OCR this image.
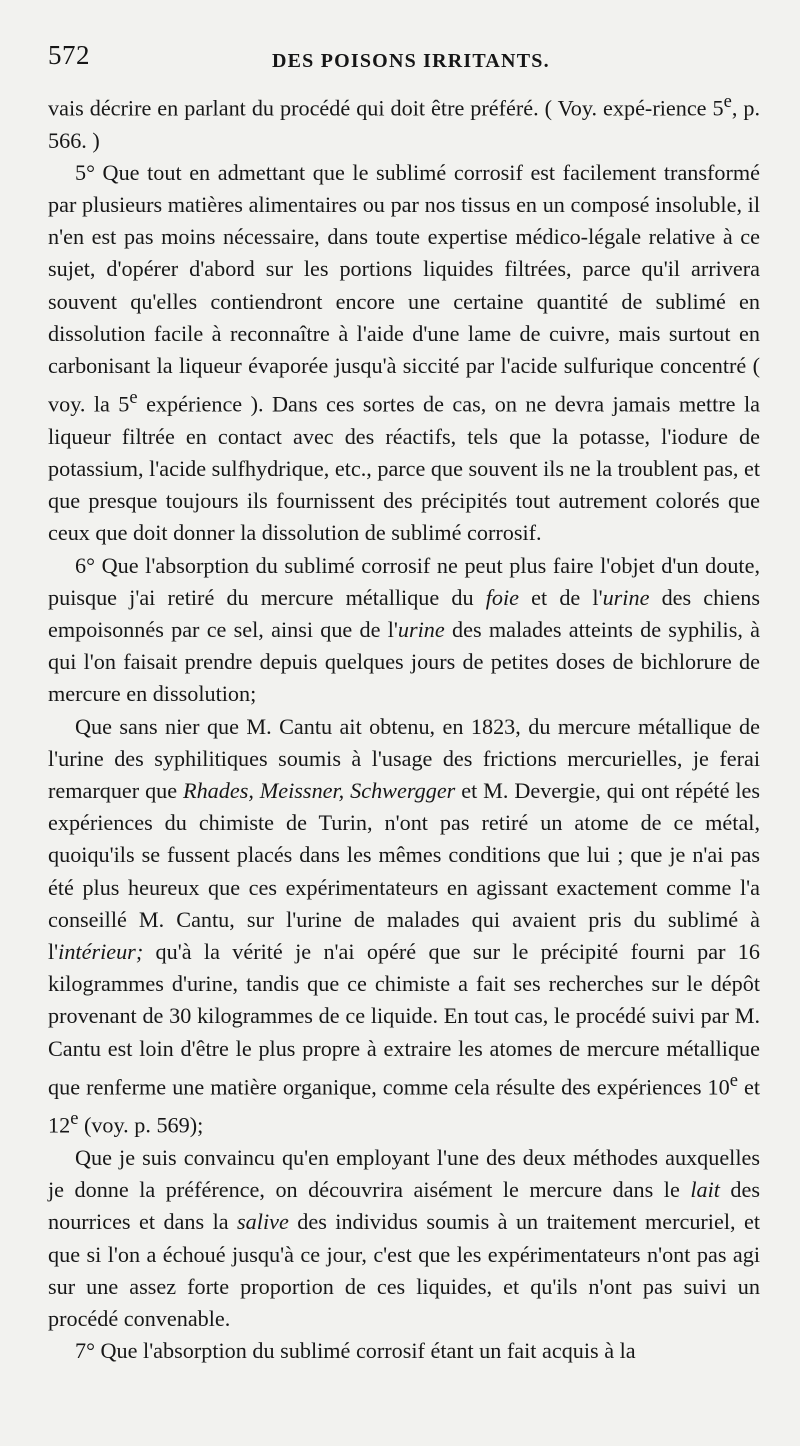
572	DES POISONS IRRITANTS.

vais décrire en parlant du procédé qui doit être préféré. ( Voy. expé-rience 5e, p. 566. )

5° Que tout en admettant que le sublimé corrosif est facilement transformé par plusieurs matières alimentaires ou par nos tissus en un composé insoluble, il n'en est pas moins nécessaire, dans toute expertise médico-légale relative à ce sujet, d'opérer d'abord sur les portions liquides filtrées, parce qu'il arrivera souvent qu'elles contiendront encore une certaine quantité de sublimé en dissolution facile à reconnaître à l'aide d'une lame de cuivre, mais surtout en carbonisant la liqueur évaporée jusqu'à siccité par l'acide sulfurique concentré ( voy. la 5e expérience ). Dans ces sortes de cas, on ne devra jamais mettre la liqueur filtrée en contact avec des réactifs, tels que la potasse, l'iodure de potassium, l'acide sulfhydrique, etc., parce que souvent ils ne la troublent pas, et que presque toujours ils fournissent des précipités tout autrement colorés que ceux que doit donner la dissolution de sublimé corrosif.

6° Que l'absorption du sublimé corrosif ne peut plus faire l'objet d'un doute, puisque j'ai retiré du mercure métallique du foie et de l'urine des chiens empoisonnés par ce sel, ainsi que de l'urine des malades atteints de syphilis, à qui l'on faisait prendre depuis quelques jours de petites doses de bichlorure de mercure en dissolution;

Que sans nier que M. Cantu ait obtenu, en 1823, du mercure métallique de l'urine des syphilitiques soumis à l'usage des frictions mercurielles, je ferai remarquer que Rhades, Meissner, Schwergger et M. Devergie, qui ont répété les expériences du chimiste de Turin, n'ont pas retiré un atome de ce métal, quoiqu'ils se fussent placés dans les mêmes conditions que lui ; que je n'ai pas été plus heureux que ces expérimentateurs en agissant exactement comme l'a conseillé M. Cantu, sur l'urine de malades qui avaient pris du sublimé à l'intérieur; qu'à la vérité je n'ai opéré que sur le précipité fourni par 16 kilogrammes d'urine, tandis que ce chimiste a fait ses recherches sur le dépôt provenant de 30 kilogrammes de ce liquide. En tout cas, le procédé suivi par M. Cantu est loin d'être le plus propre à extraire les atomes de mercure métallique que renferme une matière organique, comme cela résulte des expériences 10e et 12e (voy. p. 569);

Que je suis convaincu qu'en employant l'une des deux méthodes auxquelles je donne la préférence, on découvrira aisément le mercure dans le lait des nourrices et dans la salive des individus soumis à un traitement mercuriel, et que si l'on a échoué jusqu'à ce jour, c'est que les expérimentateurs n'ont pas agi sur une assez forte proportion de ces liquides, et qu'ils n'ont pas suivi un procédé convenable.

7° Que l'absorption du sublimé corrosif étant un fait acquis à la
